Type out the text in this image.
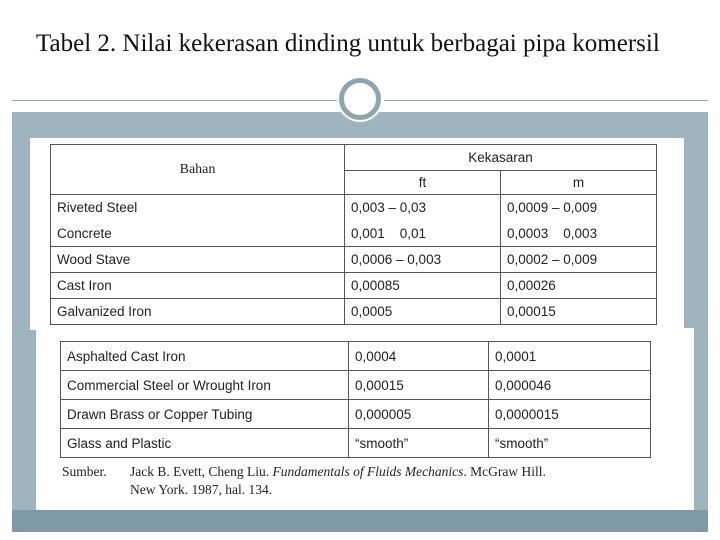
Tabel 2. Nilai kekerasan dinding untuk berbagai pipa komersil
Bahan	Kekasaran	
	ft	m
Riveted Steel	0,003 – 0,03	0,0009 – 0,009
Concrete	0,001    0,01	0,0003    0,003
Wood Stave	0,0006 – 0,003	0,0002 – 0,009
Cast Iron	0,00085	0,00026
Galvanized Iron	0,0005	0,00015
Asphalted Cast Iron	0,0004	0,0001
Commercial Steel or Wrought Iron	0,00015	0,000046
Drawn Brass or Copper Tubing	0,000005	0,0000015
Glass and Plastic	“smooth”	“smooth”
Sumber. Jack B. Evett, Cheng Liu. Fundamentals of Fluids Mechanics. McGraw Hill.
New York. 1987, hal. 134.
